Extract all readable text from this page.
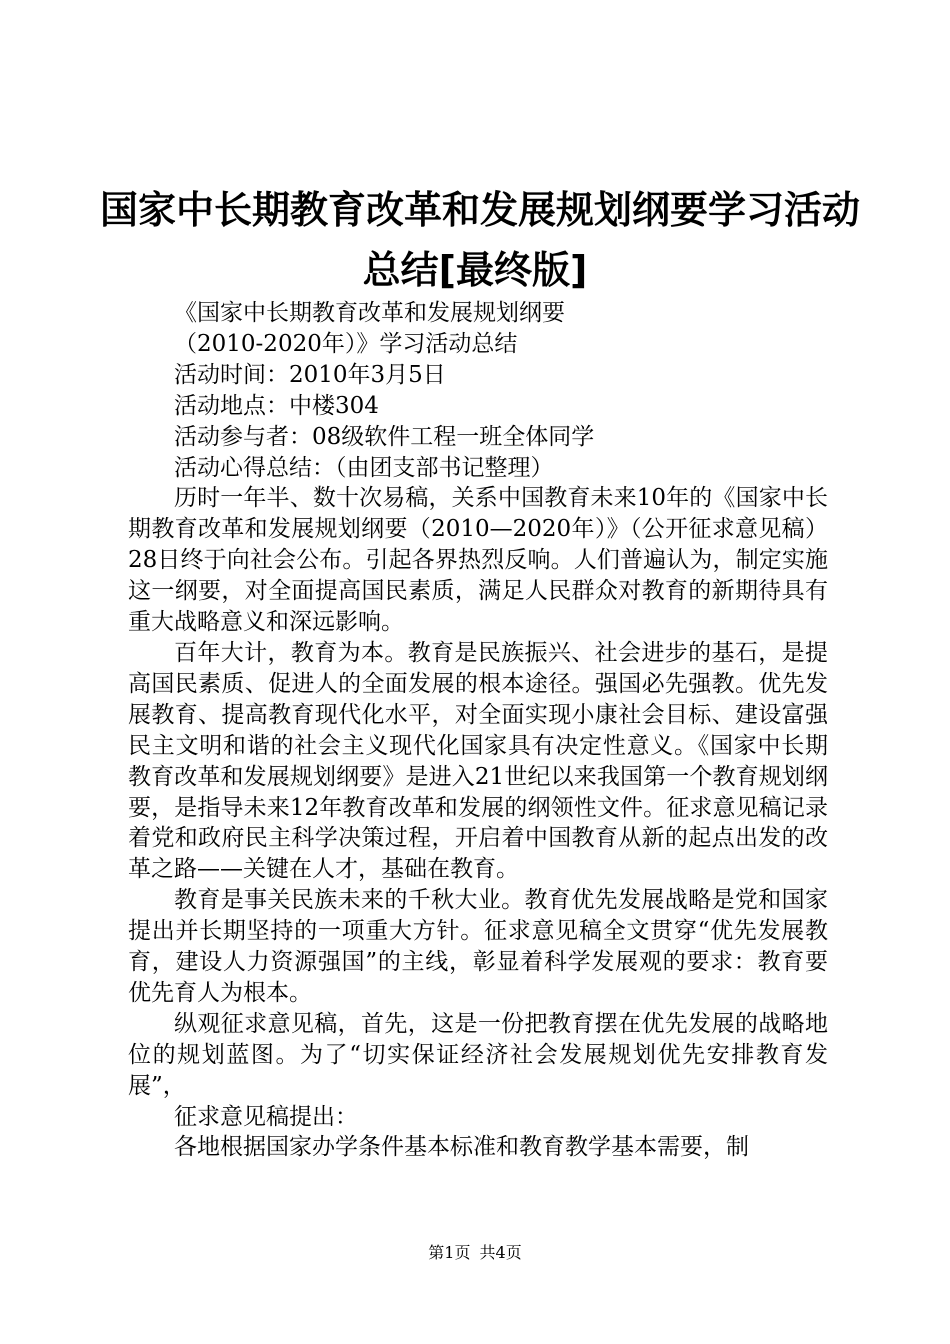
国家中长期教育改革和发展规划纲要学习活动
总结[最终版]
《国家中长期教育改革和发展规划纲要
（2010-2020年）》学习活动总结
活动时间：2010年3月5日
活动地点：中楼304
活动参与者：08级软件工程一班全体同学
活动心得总结：（由团支部书记整理）

历时一年半、数十次易稿，关系中国教育未来10年的《国家中长期教育改革和发展规划纲要（2010—2020年）》（公开征求意见稿）28日终于向社会公布。引起各界热烈反响。人们普遍认为，制定实施这一纲要，对全面提高国民素质，满足人民群众对教育的新期待具有重大战略意义和深远影响。

百年大计，教育为本。教育是民族振兴、社会进步的基石，是提高国民素质、促进人的全面发展的根本途径。强国必先强教。优先发展教育、提高教育现代化水平，对全面实现小康社会目标、建设富强民主文明和谐的社会主义现代化国家具有决定性意义。《国家中长期教育改革和发展规划纲要》是进入21世纪以来我国第一个教育规划纲要，是指导未来12年教育改革和发展的纲领性文件。征求意见稿记录着党和政府民主科学决策过程，开启着中国教育从新的起点出发的改革之路——关键在人才，基础在教育。

教育是事关民族未来的千秋大业。教育优先发展战略是党和国家提出并长期坚持的一项重大方针。征求意见稿全文贯穿“优先发展教育，建设人力资源强国”的主线，彰显着科学发展观的要求：教育要优先育人为根本。

纵观征求意见稿，首先，这是一份把教育摆在优先发展的战略地位的规划蓝图。为了“切实保证经济社会发展规划优先安排教育发展”，

征求意见稿提出：

各地根据国家办学条件基本标准和教育教学基本需要，制

第1页 共4页
